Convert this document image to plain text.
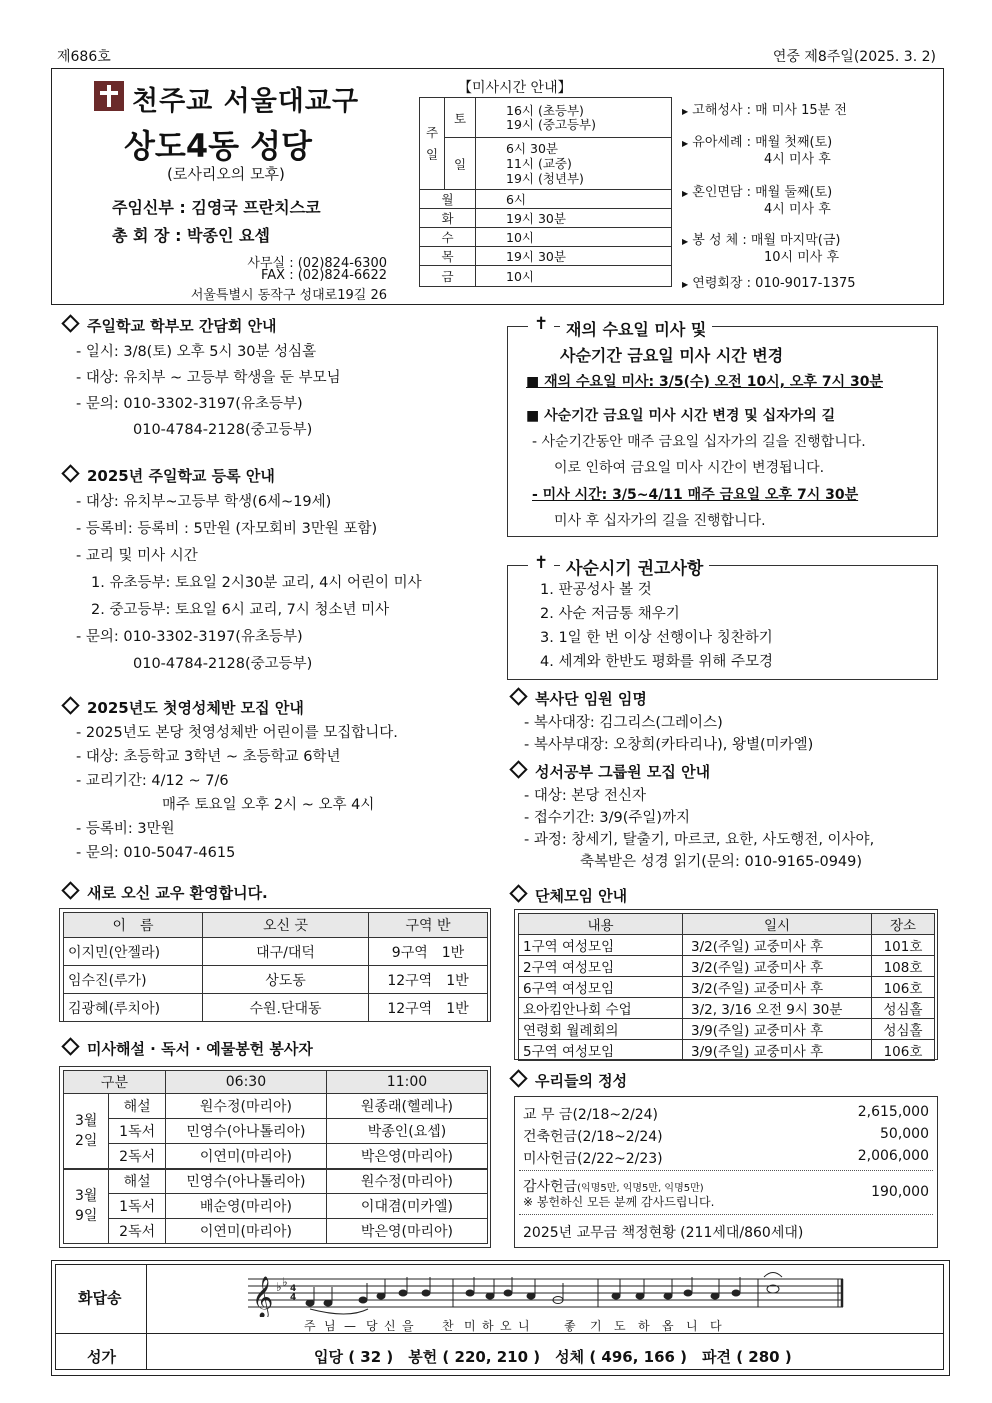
제686호	연중 제8주일(2025. 3. 2)
천주교 서울대교구
상도4동 성당
(로사리오의 모후)
주임신부 : 김영국 프란치스코
총 회 장 : 박종인 요셉
사무실 : (02)824-6300
FAX : (02)824-6622
서울특별시 동작구 성대로19길 26
【미사시간 안내】
주일	토	16시 (초등부)
19시 (중고등부)

	일	6시 30분
11시 (교중)
19시 (청년부)

월		6시
화		19시 30분
수		10시
목		19시 30분
금		10시
▶ 고해성사 : 매 미사 15분 전
▶ 유아세례 : 매월 첫째(토)
4시 미사 후
▶ 혼인면담 : 매월 둘째(토)
4시 미사 후
▶ 봉 성 체 : 매월 마지막(금)
10시 미사 후
▶ 연령회장 : 010-9017-1375
주일학교 학부모 간담회 안내
- 일시: 3/8(토) 오후 5시 30분 성심홀
- 대상: 유치부 ~ 고등부 학생을 둔 부모님
- 문의: 010-3302-3197(유초등부)
010-4784-2128(중고등부)
2025년 주일학교 등록 안내
- 대상: 유치부~고등부 학생(6세~19세)
- 등록비: 등록비 : 5만원 (자모회비 3만원 포함)
- 교리 및 미사 시간
1. 유초등부: 토요일 2시30분 교리, 4시 어린이 미사
2. 중고등부: 토요일 6시 교리, 7시 청소년 미사
- 문의: 010-3302-3197(유초등부)
010-4784-2128(중고등부)
2025년도 첫영성체반 모집 안내
- 2025년도 본당 첫영성체반 어린이를 모집합니다.
- 대상: 초등학교 3학년 ~ 초등학교 6학년
- 교리기간: 4/12 ~ 7/6
매주 토요일 오후 2시 ~ 오후 4시
- 등록비: 3만원
- 문의: 010-5047-4615
새로 오신 교우 환영합니다.
이　름	오신 곳	구역 반
이지민(안젤라)	대구/대덕	9구역　1반
임수진(루가)	상도동	12구역　1반
김광혜(루치아)	수원.단대동	12구역　1반
미사해설 · 독서 · 예물봉헌 봉사자
구분		06:30	11:00
3월
2일	해설	원수정(마리아)	원종래(헬레나)
	1독서	민영수(아나톨리아)	박종인(요셉)
	2독서	이연미(마리아)	박은영(마리아)
3월
9일	해설	민영수(아나톨리아)	원수정(마리아)
	1독서	배순영(마리아)	이대겸(미카엘)
	2독서	이연미(마리아)	박은영(마리아)
✝	재의 수요일 미사 및
사순기간 금요일 미사 시간 변경
■ 재의 수요일 미사: 3/5(수) 오전 10시, 오후 7시 30분
■ 사순기간 금요일 미사 시간 변경 및 십자가의 길
- 사순기간동안 매주 금요일 십자가의 길을 진행합니다.
이로 인하여 금요일 미사 시간이 변경됩니다.
- 미사 시간: 3/5~4/11 매주 금요일 오후 7시 30분
미사 후 십자가의 길을 진행합니다.
✝	사순시기 권고사항
1. 판공성사 볼 것
2. 사순 저금통 채우기
3. 1일 한 번 이상 선행이나 칭찬하기
4. 세계와 한반도 평화를 위해 주모경
복사단 임원 임명
- 복사대장: 김그리스(그레이스)
- 복사부대장: 오창희(카타리나), 왕별(미카엘)
성서공부 그룹원 모집 안내
- 대상: 본당 전신자
- 접수기간: 3/9(주일)까지
- 과정: 창세기, 탈출기, 마르코, 요한, 사도행전, 이사야,
축복받은 성경 읽기(문의: 010-9165-0949)
단체모임 안내
내용	일시	장소
1구역 여성모임	3/2(주일) 교중미사 후	101호
2구역 여성모임	3/2(주일) 교중미사 후	108호
6구역 여성모임	3/2(주일) 교중미사 후	106호
요아킴안나회 수업	3/2, 3/16 오전 9시 30분	성심홀
연령회 월례회의	3/9(주일) 교중미사 후	성심홀
5구역 여성모임	3/9(주일) 교중미사 후	106호
우리들의 정성
교 무 금(2/18~2/24)	2,615,000
건축헌금(2/18~2/24)	50,000
미사헌금(2/22~2/23)	2,006,000
감사헌금(익명5만, 익명5만, 익명5만)
※ 봉헌하신 모든 분께 감사드립니다.
190,000
2025년 교무금 책정현황 (211세대/860세대)
화답송
성가	입당 ( 32 )　봉헌 ( 220, 210 )　성체 ( 496, 166 )　파견 ( 280 )
𝄞 ♭ ♭ 4
4
주 님 — 당 신 을 찬 미 하 오 니	좋 기 도 하 옵 니 다
